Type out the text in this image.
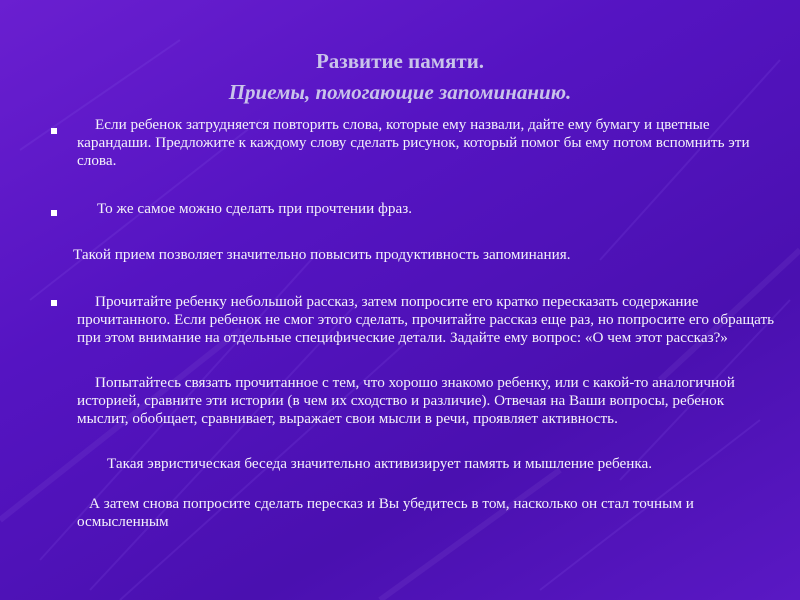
Развитие памяти.
Приемы, помогающие запоминанию.
Если ребенок затрудняется повторить слова, которые ему назвали, дайте ему бумагу и цветные карандаши. Предложите к каждому слову сделать рисунок, который помог бы ему потом вспомнить эти слова.
То же самое можно сделать при прочтении фраз.
Такой прием позволяет значительно повысить продуктивность запоминания.
Прочитайте ребенку небольшой рассказ, затем попросите его кратко пересказать содержание прочитанного. Если ребенок не смог этого сделать, прочитайте рассказ еще раз, но попросите его обращать при этом внимание на отдельные специфические детали. Задайте ему вопрос: «О чем этот рассказ?»
Попытайтесь связать прочитанное с тем, что хорошо знакомо ребенку, или с какой-то аналогичной историей, сравните эти истории (в чем их сходство и различие). Отвечая на Ваши вопросы, ребенок мыслит, обобщает, сравнивает, выражает свои мысли в речи, проявляет активность.
Такая эвристическая беседа значительно активизирует память и мышление ребенка.
А затем снова попросите сделать пересказ и Вы убедитесь в том, насколько он стал точным и осмысленным
